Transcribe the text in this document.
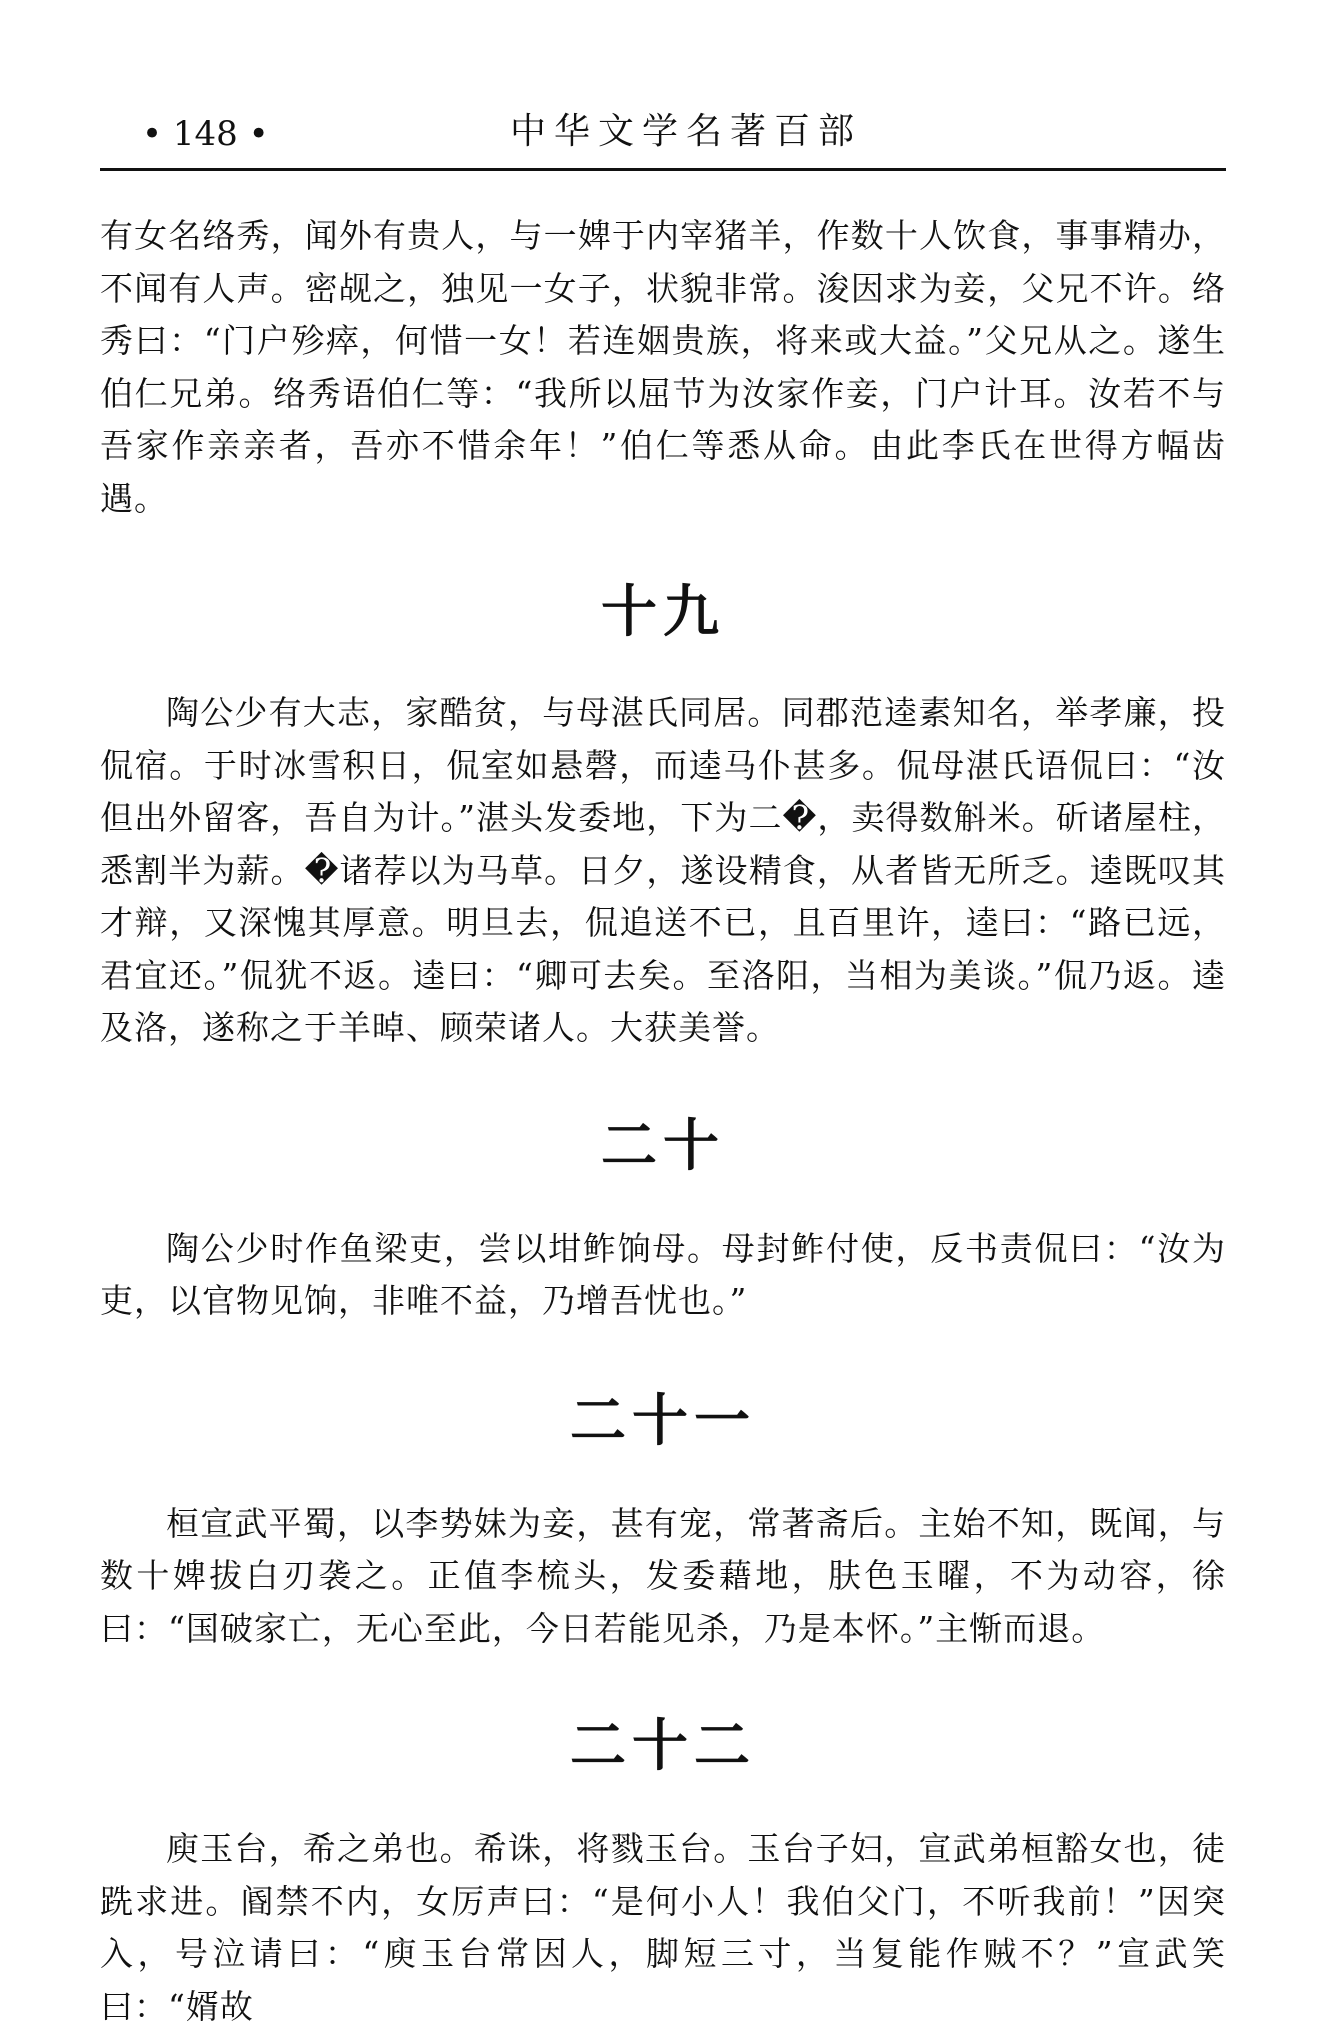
• 148 •	中华文学名著百部

有女名络秀，闻外有贵人，与一婢于内宰猪羊，作数十人饮食，事事精办，不闻有人声。密觇之，独见一女子，状貌非常。浚因求为妾，父兄不许。络秀曰：“门户殄瘁，何惜一女！若连姻贵族，将来或大益。”父兄从之。遂生伯仁兄弟。络秀语伯仁等：“我所以屈节为汝家作妾，门户计耳。汝若不与吾家作亲亲者，吾亦不惜余年！”伯仁等悉从命。由此李氏在世得方幅齿遇。

十九

陶公少有大志，家酷贫，与母湛氏同居。同郡范逵素知名，举孝廉，投侃宿。于时冰雪积日，侃室如悬磬，而逵马仆甚多。侃母湛氏语侃曰：“汝但出外留客，吾自为计。”湛头发委地，下为二�，卖得数斛米。斫诸屋柱，悉割半为薪。�诸荐以为马草。日夕，遂设精食，从者皆无所乏。逵既叹其才辩，又深愧其厚意。明旦去，侃追送不已，且百里许，逵曰：“路已远，君宜还。”侃犹不返。逵曰：“卿可去矣。至洛阳，当相为美谈。”侃乃返。逵及洛，遂称之于羊晫、顾荣诸人。大获美誉。

二十

陶公少时作鱼梁吏，尝以坩鲊饷母。母封鲊付使，反书责侃曰：“汝为吏，以官物见饷，非唯不益，乃增吾忧也。”

二十一

桓宣武平蜀，以李势妹为妾，甚有宠，常著斋后。主始不知，既闻，与数十婢拔白刃袭之。正值李梳头，发委藉地，肤色玉曜，不为动容，徐曰：“国破家亡，无心至此，今日若能见杀，乃是本怀。”主惭而退。

二十二

庾玉台，希之弟也。希诛，将戮玉台。玉台子妇，宣武弟桓豁女也，徒跣求进。阍禁不内，女厉声曰：“是何小人！我伯父门，不听我前！”因突入，号泣请曰：“庾玉台常因人，脚短三寸，当复能作贼不？”宣武笑曰：“婿故
